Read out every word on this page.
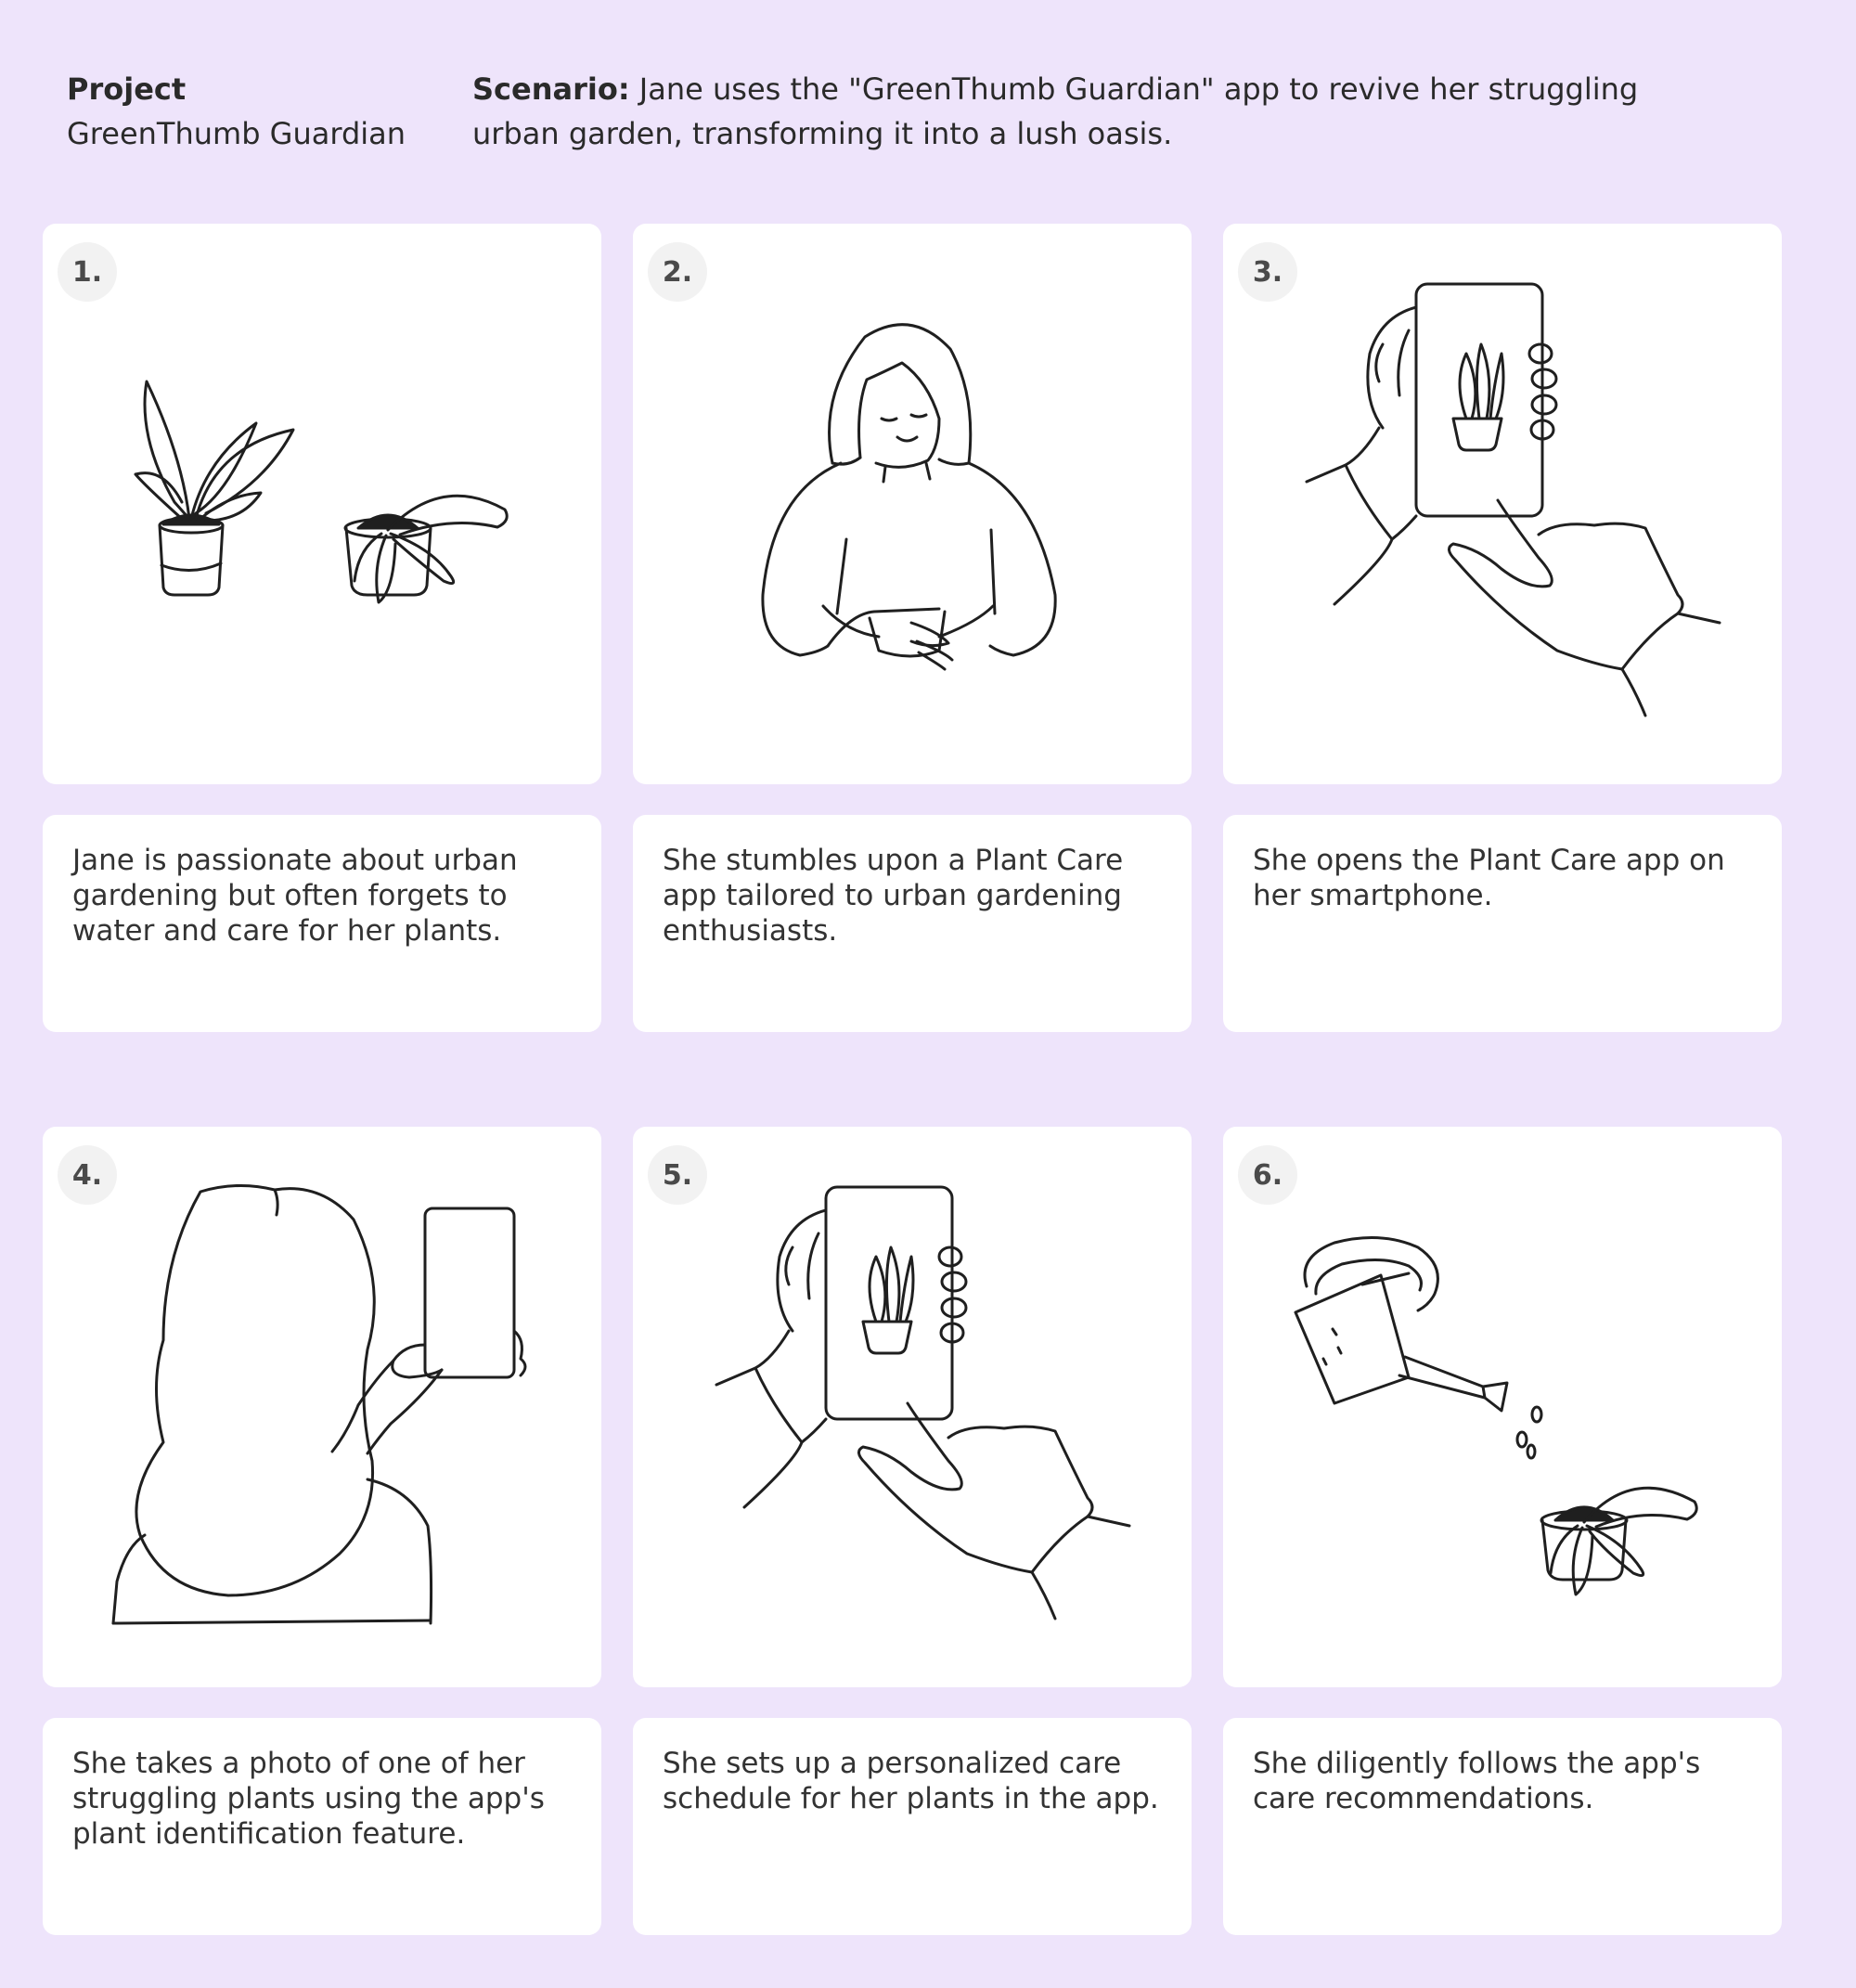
Project
GreenThumb Guardian
Scenario: Jane uses the "GreenThumb Guardian" app to revive her struggling urban garden, transforming it into a lush oasis.
1.
Jane is passionate about urban gardening but often forgets to water and care for her plants.
2.
She stumbles upon a Plant Care app tailored to urban gardening enthusiasts.
3.
She opens the Plant Care app on her smartphone.
4.
She takes a photo of one of her struggling plants using the app's plant identification feature.
5.
She sets up a personalized care schedule for her plants in the app.
6.
She diligently follows the app's care recommendations.
